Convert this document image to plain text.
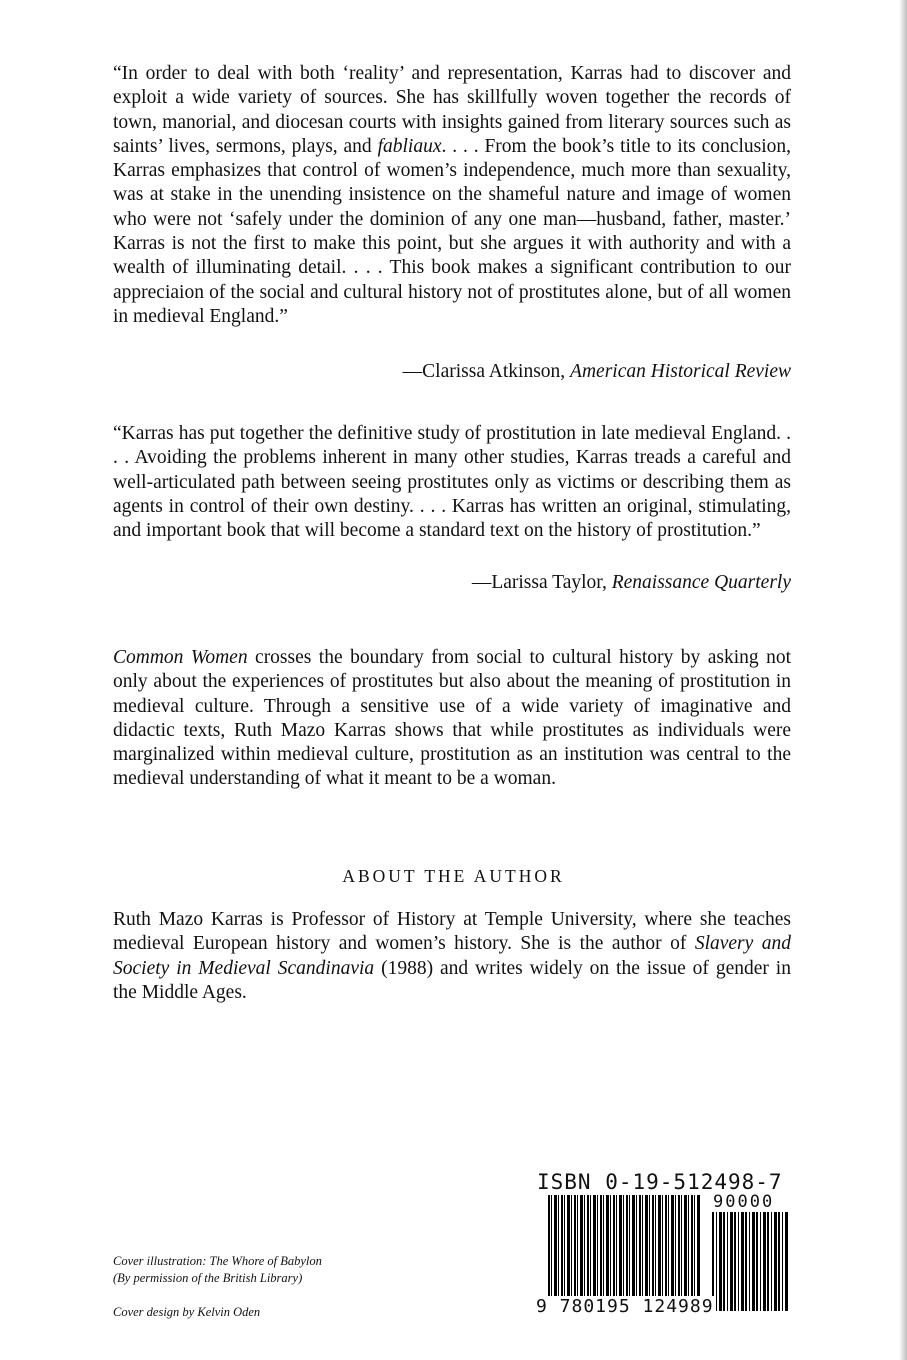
“In order to deal with both ‘reality’ and representation, Karras had to discover and exploit a wide variety of sources. She has skillfully woven together the records of town, manorial, and diocesan courts with insights gained from literary sources such as saints’ lives, sermons, plays, and fabliaux. . . . From the book’s title to its conclusion, Karras emphasizes that control of women’s independence, much more than sexuality, was at stake in the unending insistence on the shameful nature and image of women who were not ‘safely under the dominion of any one man—husband, father, master.’ Karras is not the first to make this point, but she argues it with authority and with a wealth of illuminating detail. . . . This book makes a significant contribution to our appreciaion of the social and cultural history not of prostitutes alone, but of all women in medieval England.”

—Clarissa Atkinson, American Historical Review

“Karras has put together the definitive study of prostitution in late medieval England. . . . Avoiding the problems inherent in many other studies, Karras treads a careful and well-articulated path between seeing prostitutes only as victims or describing them as agents in control of their own destiny. . . . Karras has written an original, stimulating, and important book that will become a standard text on the history of prostitution.”

—Larissa Taylor, Renaissance Quarterly

Common Women crosses the boundary from social to cultural history by asking not only about the experiences of prostitutes but also about the meaning of prostitution in medieval culture. Through a sensitive use of a wide variety of imaginative and didactic texts, Ruth Mazo Karras shows that while prostitutes as individuals were marginalized within medieval culture, prostitution as an institution was central to the medieval understanding of what it meant to be a woman.

ABOUT THE AUTHOR

Ruth Mazo Karras is Professor of History at Temple University, where she teaches medieval European history and women’s history. She is the author of Slavery and Society in Medieval Scandinavia (1988) and writes widely on the issue of gender in the Middle Ages.

Cover illustration: The Whore of Babylon
(By permission of the British Library)
Cover design by Kelvin Oden
ISBN 0-19-512498-7
90000
9 780195 124989
